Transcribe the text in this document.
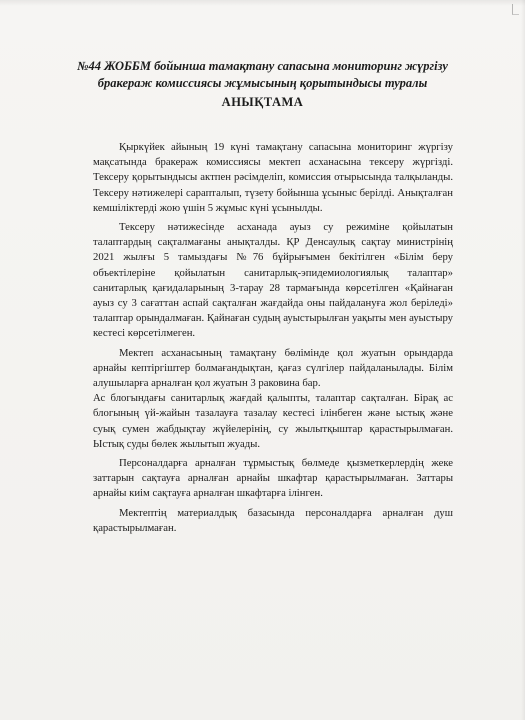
№44 ЖОББМ бойынша тамақтану сапасына мониторинг жүргізу
бракераж комиссиясы жұмысының қорытындысы туралы
АНЫҚТАМА

Қыркүйек айының 19 күні тамақтану сапасына мониторинг жүргізу мақсатында бракераж комиссиясы мектеп асханасына тексеру жүргізді. Тексеру қорытындысы актпен рәсімделіп, комиссия отырысында талқыланды. Тексеру нәтижелері сарапталып, түзету бойынша ұсыныс берілді. Анықталған кемшіліктерді жою үшін 5 жұмыс күні ұсынылды.

Тексеру нәтижесінде асханада ауыз су режиміне қойылатын талаптардың сақталмағаны анықталды. ҚР Денсаулық сақтау министрінің 2021 жылғы 5 тамыздағы №76 бұйрығымен бекітілген «Білім беру объектілеріне қойылатын санитарлық-эпидемиологиялық талаптар» санитарлық қағидаларының 3-тарау 28 тармағында көрсетілген «Қайнаған ауыз су 3 сағаттан аспай сақталған жағдайда оны пайдалануға жол беріледі» талаптар орындалмаған. Қайнаған судың ауыстырылған уақыты мен ауыстыру кестесі көрсетілмеген.

Мектеп асханасының тамақтану бөлімінде қол жуатын орындарда арнайы кептіргіштер болмағандықтан, қағаз сүлгілер пайдаланылады. Білім алушыларға арналған қол жуатын 3 раковина бар.

Ас блогындағы санитарлық жағдай қалыпты, талаптар сақталған. Бірақ ас блогының үй-жайын тазалауға тазалау кестесі ілінбеген және ыстық және суық сумен жабдықтау жүйелерінің, су жылытқыштар қарастырылмаған. Ыстық суды бөлек жылытып жуады.

Персоналдарға арналған тұрмыстық бөлмеде қызметкерлердің жеке заттарын сақтауға арналған арнайы шкафтар қарастырылмаған. Заттары арнайы киім сақтауға арналған шкафтарға ілінген.

Мектептің материалдық базасында персоналдарға арналған душ қарастырылмаған.
